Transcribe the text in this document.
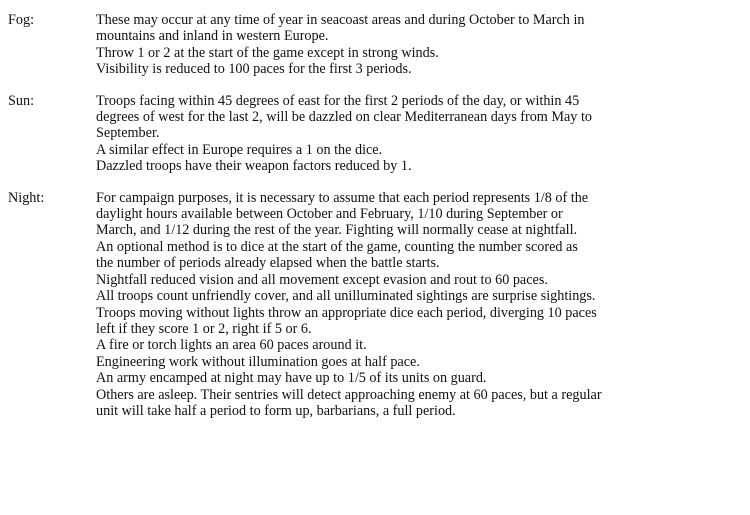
Fog:	These may occur at any time of year in seacoast areas and during October to March in
mountains and inland in western Europe.
Throw 1 or 2 at the start of the game except in strong winds.
Visibility is reduced to 100 paces for the first 3 periods.
Sun:	Troops facing within 45 degrees of east for the first 2 periods of the day, or within 45
degrees of west for the last 2, will be dazzled on clear Mediterranean days from May to
September.
A similar effect in Europe requires a 1 on the dice.
Dazzled troops have their weapon factors reduced by 1.
Night:	For campaign purposes, it is necessary to assume that each period represents 1/8 of the
daylight hours available between October and February, 1/10 during September or
March, and 1/12 during the rest of the year. Fighting will normally cease at nightfall.
An optional method is to dice at the start of the game, counting the number scored as
the number of periods already elapsed when the battle starts.
Nightfall reduced vision and all movement except evasion and rout to 60 paces.
All troops count unfriendly cover, and all unilluminated sightings are surprise sightings.
Troops moving without lights throw an appropriate dice each period, diverging 10 paces
left if they score 1 or 2, right if 5 or 6.
A fire or torch lights an area 60 paces around it.
Engineering work without illumination goes at half pace.
An army encamped at night may have up to 1/5 of its units on guard.
Others are asleep. Their sentries will detect approaching enemy at 60 paces, but a regular
unit will take half a period to form up, barbarians, a full period.
